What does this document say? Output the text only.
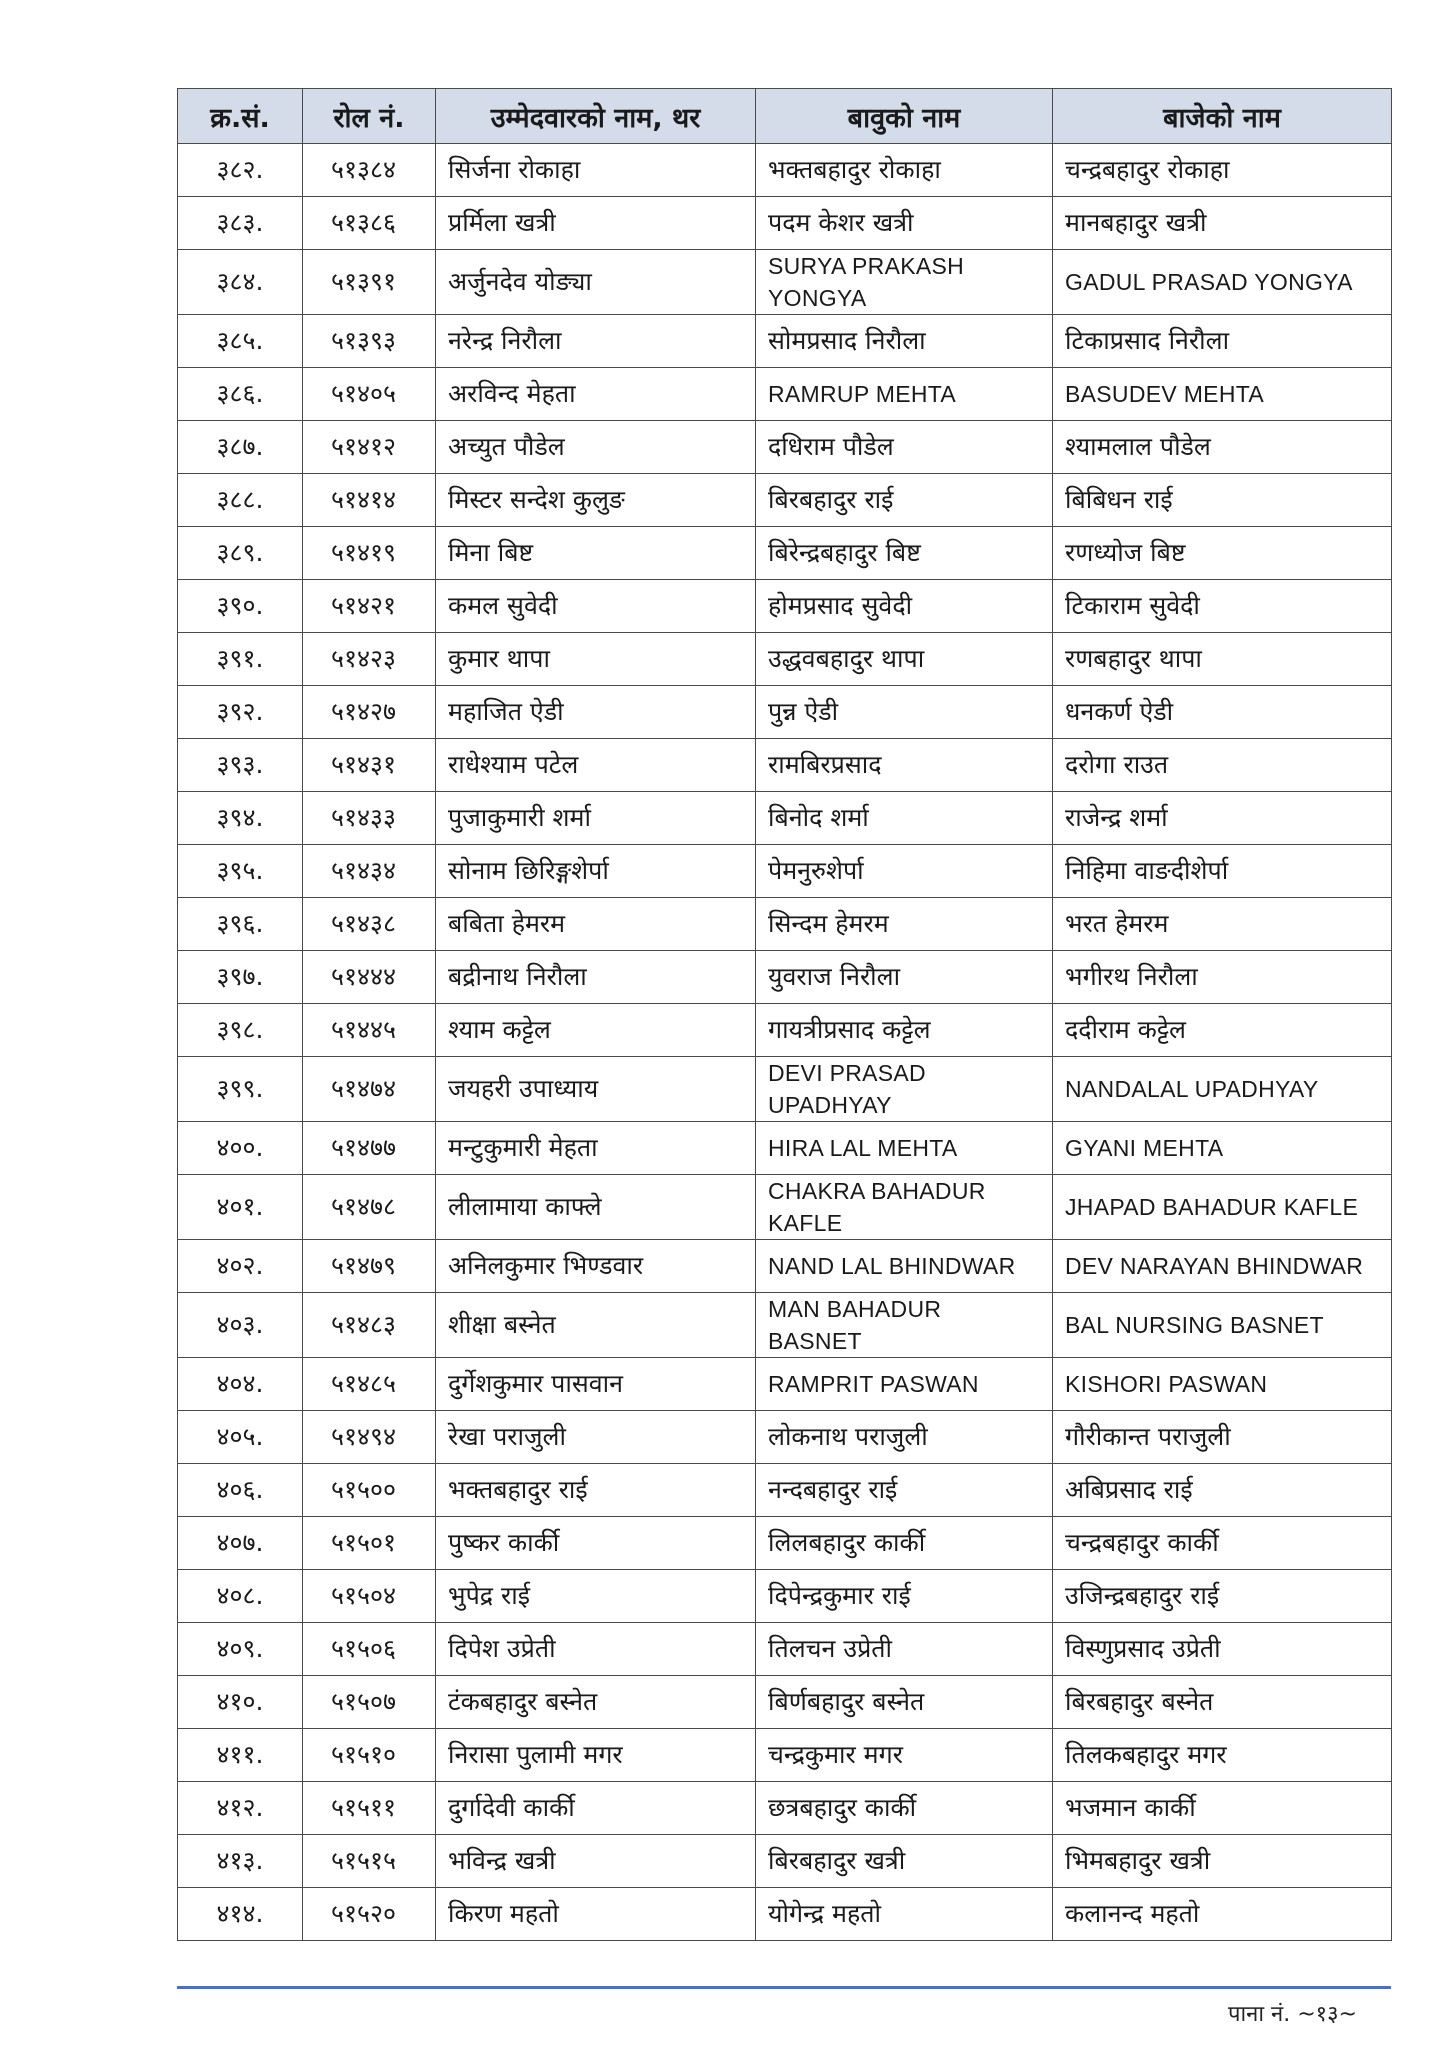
क्र.सं.	रोल नं.	उम्मेदवारको नाम, थर	बावुको नाम	बाजेको नाम
३८२.	५१३८४	सिर्जना रोकाहा	भक्तबहादुर रोकाहा	चन्द्रबहादुर रोकाहा
३८३.	५१३८६	प्रर्मिला खत्री	पदम केशर खत्री	मानबहादुर खत्री
३८४.	५१३९१	अर्जुनदेव योङ्या	SURYA PRAKASH YONGYA	GADUL PRASAD YONGYA
३८५.	५१३९३	नरेन्द्र निरौला	सोमप्रसाद निरौला	टिकाप्रसाद निरौला
३८६.	५१४०५	अरविन्द मेहता	RAMRUP MEHTA	BASUDEV MEHTA
३८७.	५१४१२	अच्युत पौडेल	दधिराम पौडेल	श्यामलाल पौडेल
३८८.	५१४१४	मिस्टर सन्देश कुलुङ	बिरबहादुर राई	बिबिधन राई
३८९.	५१४१९	मिना बिष्ट	बिरेन्द्रबहादुर बिष्ट	रणध्योज बिष्ट
३९०.	५१४२१	कमल सुवेदी	होमप्रसाद सुवेदी	टिकाराम सुवेदी
३९१.	५१४२३	कुमार थापा	उद्धवबहादुर थापा	रणबहादुर थापा
३९२.	५१४२७	महाजित ऐडी	पुन्न ऐडी	धनकर्ण ऐडी
३९३.	५१४३१	राधेश्याम पटेल	रामबिरप्रसाद	दरोगा राउत
३९४.	५१४३३	पुजाकुमारी शर्मा	बिनोद शर्मा	राजेन्द्र शर्मा
३९५.	५१४३४	सोनाम छिरिङ्गशेर्पा	पेमनुरुशेर्पा	निहिमा वाङदीशेर्पा
३९६.	५१४३८	बबिता हेमरम	सिन्दम हेमरम	भरत हेमरम
३९७.	५१४४४	बद्रीनाथ निरौला	युवराज निरौला	भगीरथ निरौला
३९८.	५१४४५	श्याम कट्टेल	गायत्रीप्रसाद कट्टेल	ददीराम कट्टेल
३९९.	५१४७४	जयहरी उपाध्याय	DEVI PRASAD UPADHYAY	NANDALAL UPADHYAY
४००.	५१४७७	मन्टुकुमारी मेहता	HIRA LAL MEHTA	GYANI MEHTA
४०१.	५१४७८	लीलामाया काफ्ले	CHAKRA BAHADUR KAFLE	JHAPAD BAHADUR KAFLE
४०२.	५१४७९	अनिलकुमार भिण्डवार	NAND LAL BHINDWAR	DEV NARAYAN BHINDWAR
४०३.	५१४८३	शीक्षा बस्नेत	MAN BAHADUR BASNET	BAL NURSING BASNET
४०४.	५१४८५	दुर्गेशकुमार पासवान	RAMPRIT PASWAN	KISHORI PASWAN
४०५.	५१४९४	रेखा पराजुली	लोकनाथ पराजुली	गौरीकान्त पराजुली
४०६.	५१५००	भक्तबहादुर राई	नन्दबहादुर राई	अबिप्रसाद राई
४०७.	५१५०१	पुष्कर कार्की	लिलबहादुर कार्की	चन्द्रबहादुर कार्की
४०८.	५१५०४	भुपेद्र राई	दिपेन्द्रकुमार राई	उजिन्द्रबहादुर राई
४०९.	५१५०६	दिपेश उप्रेती	तिलचन उप्रेती	विस्णुप्रसाद उप्रेती
४१०.	५१५०७	टंकबहादुर बस्नेत	बिर्णबहादुर बस्नेत	बिरबहादुर बस्नेत
४११.	५१५१०	निरासा पुलामी मगर	चन्द्रकुमार मगर	तिलकबहादुर मगर
४१२.	५१५११	दुर्गादेवी कार्की	छत्रबहादुर कार्की	भजमान कार्की
४१३.	५१५१५	भविन्द्र खत्री	बिरबहादुर खत्री	भिमबहादुर खत्री
४१४.	५१५२०	किरण महतो	योगेन्द्र महतो	कलानन्द महतो
पाना नं. ~१३~
